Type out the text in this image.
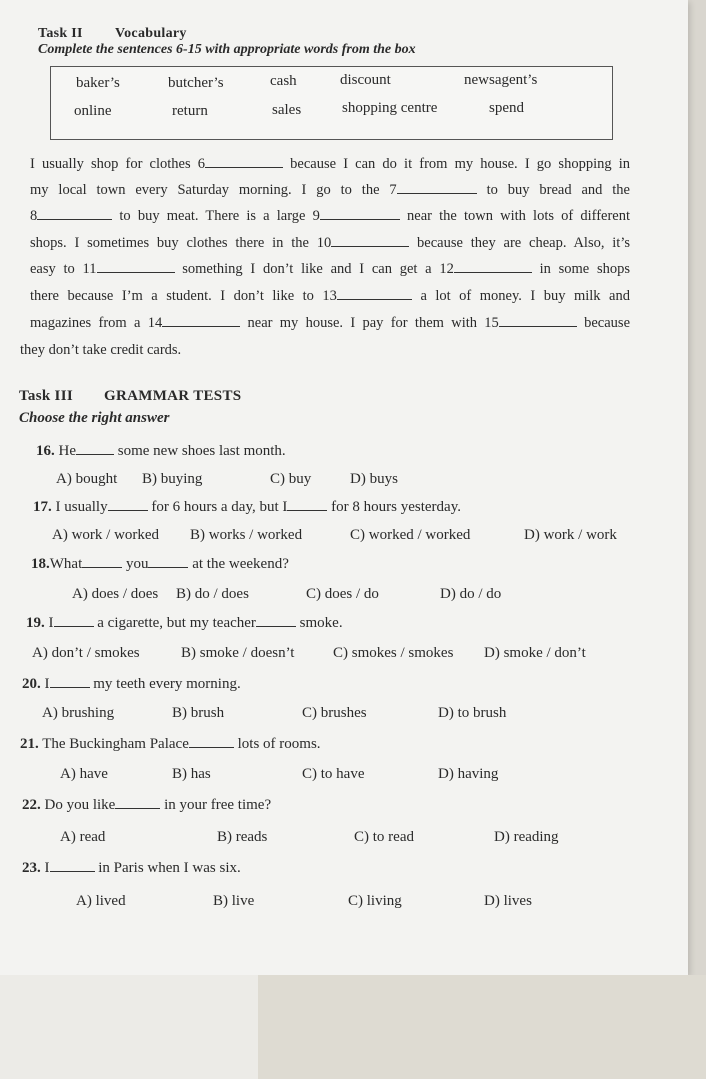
Task II Vocabulary
Complete the sentences 6-15 with appropriate words from the box
baker’s	butcher’s	cash	discount	newsagent’s
online	return	sales	shopping centre	spend
I usually shop for clothes 6	because I can do it from my house. I go shopping in
my local town every Saturday morning. I go to the 7	to buy bread and the
8	to buy meat. There is a large 9	near the town with lots of different
shops. I sometimes buy clothes there in the 10	because they are cheap. Also, it’s
easy to 11	something I don’t like and I can get a 12	in some shops
there because I’m a student. I don’t like to 13	a lot of money. I buy milk and
magazines from a 14	near my house. I pay for them with 15	because
they don’t take credit cards.
Task III GRAMMAR TESTS
Choose the right answer
16. He	some new shoes last month.
A) bought B) buying	C) buy	D) buys
17. I usually	for 6 hours a day, but I	for 8 hours yesterday.
A) work / worked B) works / worked	C) worked / worked	D) work / work
18.What	you	at the weekend?
A) does / does B) do / does	C) does / do	D) do / do
19. I	a cigarette, but my teacher	smoke.
A) don’t / smokes	B) smoke / doesn’t	C) smokes / smokes D) smoke / don’t
20. I	my teeth every morning.
A) brushing	B) brush	C) brushes	D) to brush
21. The Buckingham Palace	lots of rooms.
A) have	B) has	C) to have	D) having
22. Do you like	in your free time?
A) read	B) reads	C) to read	D) reading
23. I	in Paris when I was six.
A) lived	B) live	C) living	D) lives
